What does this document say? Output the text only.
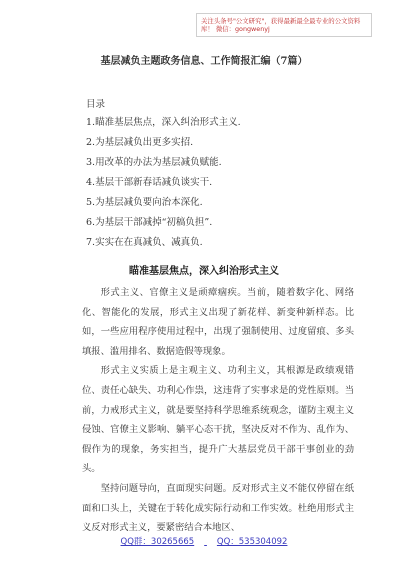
关注头条号"公文研究"，获得最新最全最专业的公文资料库！ 微信：gongwenyj
基层减负主题政务信息、工作简报汇编（7篇）
目录
1.瞄准基层焦点，深入纠治形式主义.
2.为基层减负出更多实招.
3.用改革的办法为基层减负赋能.
4.基层干部新春话减负谈实干.
5.为基层减负要向治本深化.
6.为基层干部减掉“初稿负担”.
7.实实在在真减负、减真负.
瞄准基层焦点，深入纠治形式主义

形式主义、官僚主义是顽瘴痼疾。当前，随着数字化、网络化、智能化的发展，形式主义出现了新花样、新变种新样态。比如，一些应用程序使用过程中，出现了强制使用、过度留痕、多头填报、滥用排名、数据造假等现象。

形式主义实质上是主观主义、功利主义，其根源是政绩观错位、责任心缺失、功利心作祟，这违背了实事求是的党性原则。当前，力戒形式主义，就是要坚持科学思维系统观念，谨防主观主义侵蚀、官僚主义影响、躺平心态干扰，坚决反对不作为、乱作为、假作为的现象，务实担当，提升广大基层党员干部干事创业的劲头。

坚持问题导向，直面现实问题。反对形式主义不能仅停留在纸面和口头上，关键在于转化成实际行动和工作实效。杜绝用形式主义反对形式主义，要紧密结合本地区、

QQ群：30265665	QQ：535304092
